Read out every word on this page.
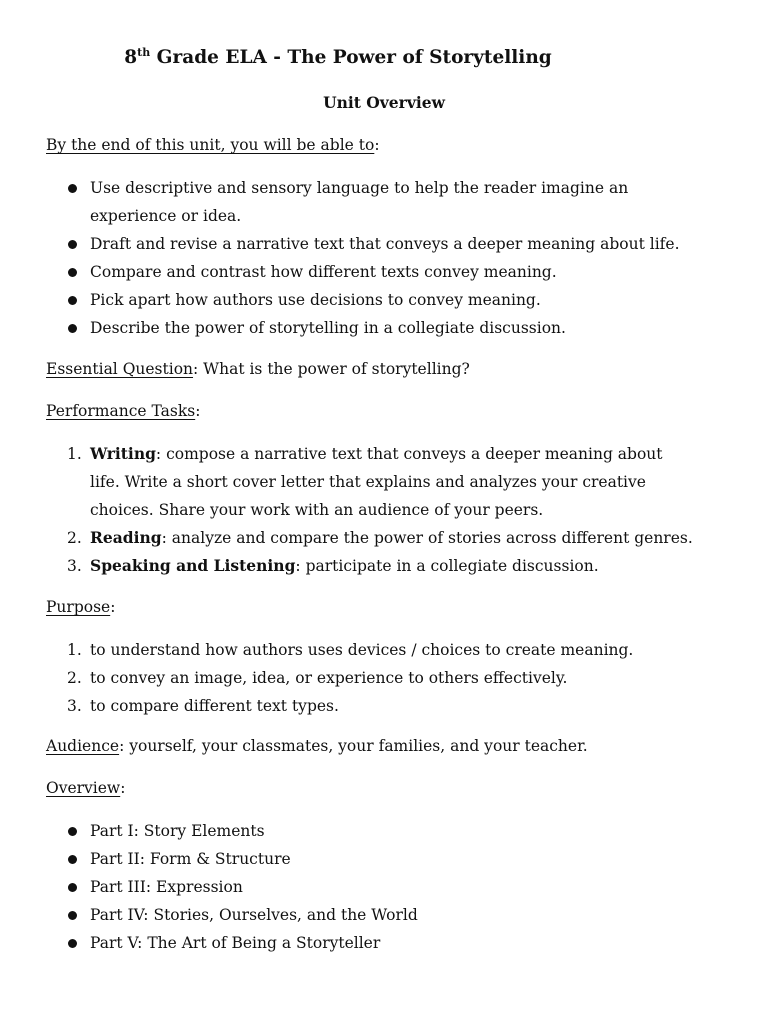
8th Grade ELA - The Power of Storytelling
Unit Overview

By the end of this unit, you will be able to:

Use descriptive and sensory language to help the reader imagine an
experience or idea.
Draft and revise a narrative text that conveys a deeper meaning about life.
Compare and contrast how different texts convey meaning.
Pick apart how authors use decisions to convey meaning.
Describe the power of storytelling in a collegiate discussion.

Essential Question: What is the power of storytelling?

Performance Tasks:

1. Writing: compose a narrative text that conveys a deeper meaning about
life. Write a short cover letter that explains and analyzes your creative
choices. Share your work with an audience of your peers.
2. Reading: analyze and compare the power of stories across different genres.
3. Speaking and Listening: participate in a collegiate discussion.

Purpose:

1. to understand how authors uses devices / choices to create meaning.
2. to convey an image, idea, or experience to others effectively.
3. to compare different text types.

Audience: yourself, your classmates, your families, and your teacher.

Overview:

Part I: Story Elements
Part II: Form & Structure
Part III: Expression
Part IV: Stories, Ourselves, and the World
Part V: The Art of Being a Storyteller
